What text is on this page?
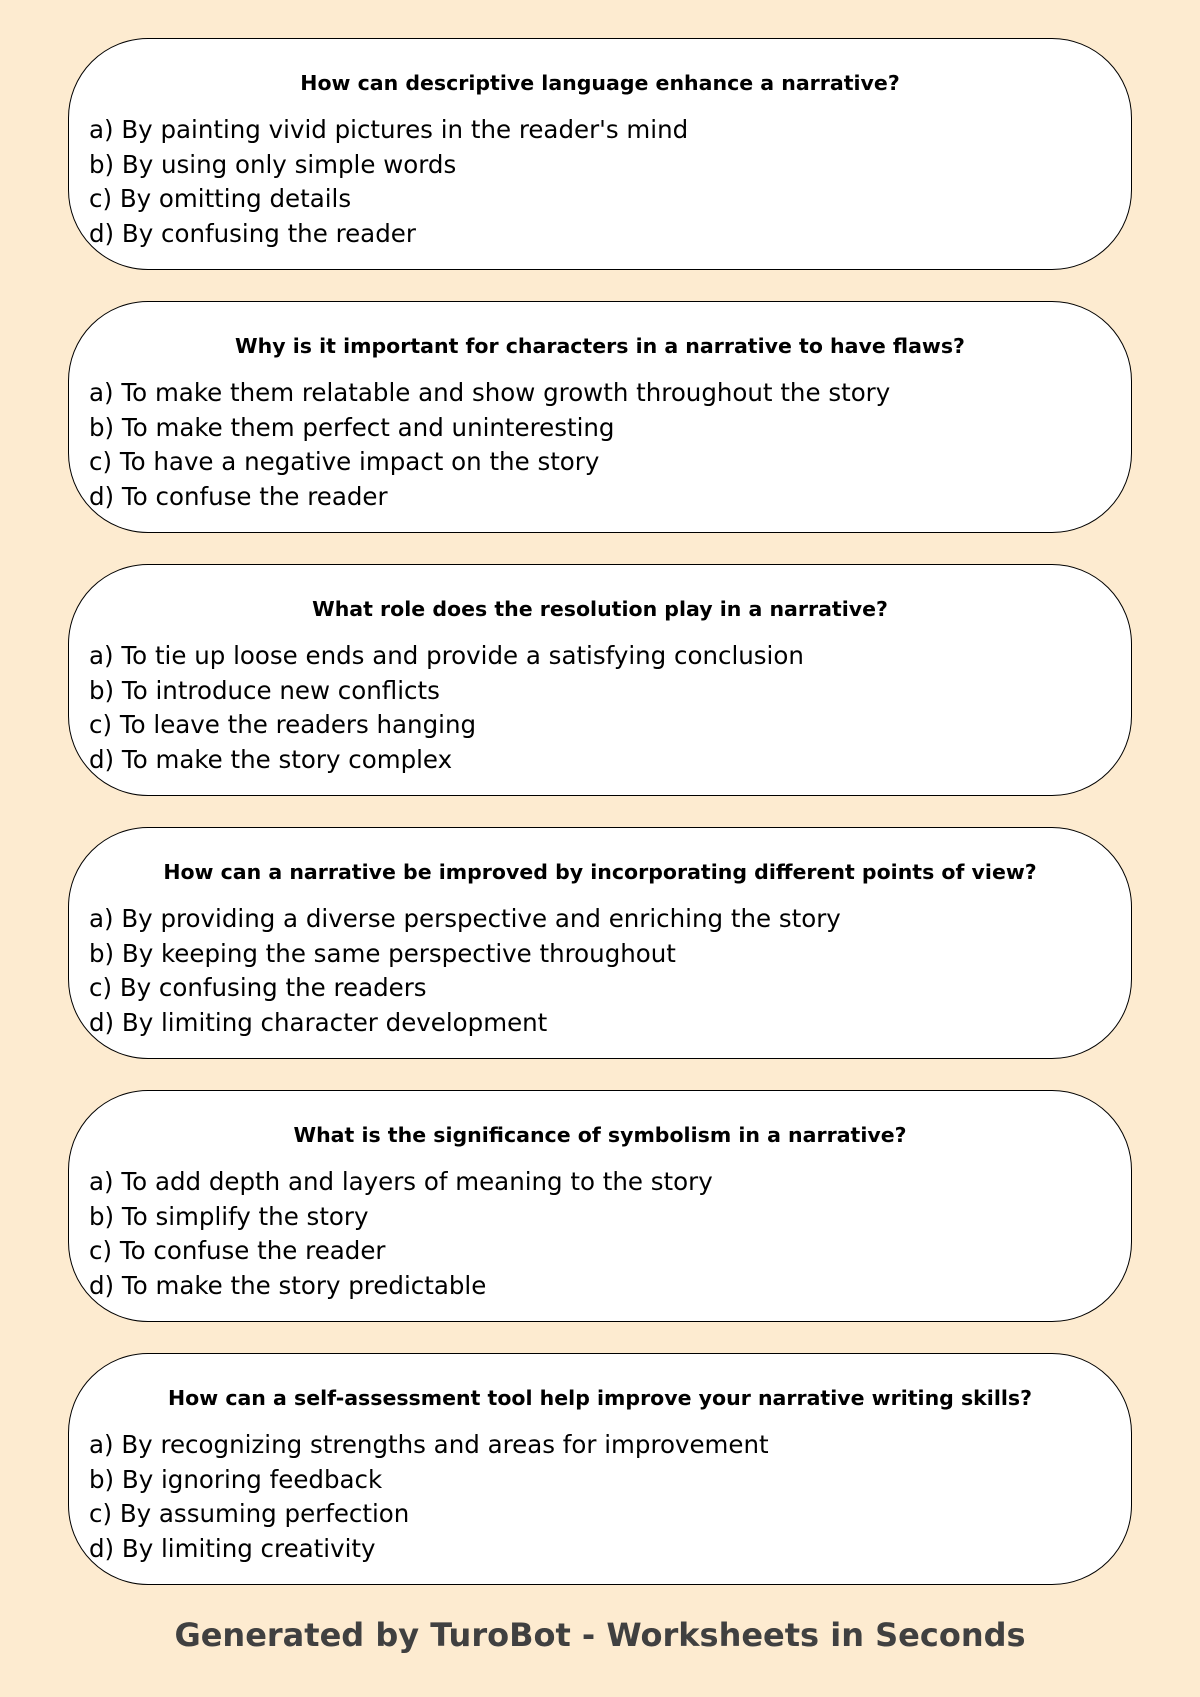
How can descriptive language enhance a narrative?
a) By painting vivid pictures in the reader's mind
b) By using only simple words
c) By omitting details
d) By confusing the reader
Why is it important for characters in a narrative to have flaws?
a) To make them relatable and show growth throughout the story
b) To make them perfect and uninteresting
c) To have a negative impact on the story
d) To confuse the reader
What role does the resolution play in a narrative?
a) To tie up loose ends and provide a satisfying conclusion
b) To introduce new conflicts
c) To leave the readers hanging
d) To make the story complex
How can a narrative be improved by incorporating different points of view?
a) By providing a diverse perspective and enriching the story
b) By keeping the same perspective throughout
c) By confusing the readers
d) By limiting character development
What is the significance of symbolism in a narrative?
a) To add depth and layers of meaning to the story
b) To simplify the story
c) To confuse the reader
d) To make the story predictable
How can a self-assessment tool help improve your narrative writing skills?
a) By recognizing strengths and areas for improvement
b) By ignoring feedback
c) By assuming perfection
d) By limiting creativity
Generated by TuroBot - Worksheets in Seconds
